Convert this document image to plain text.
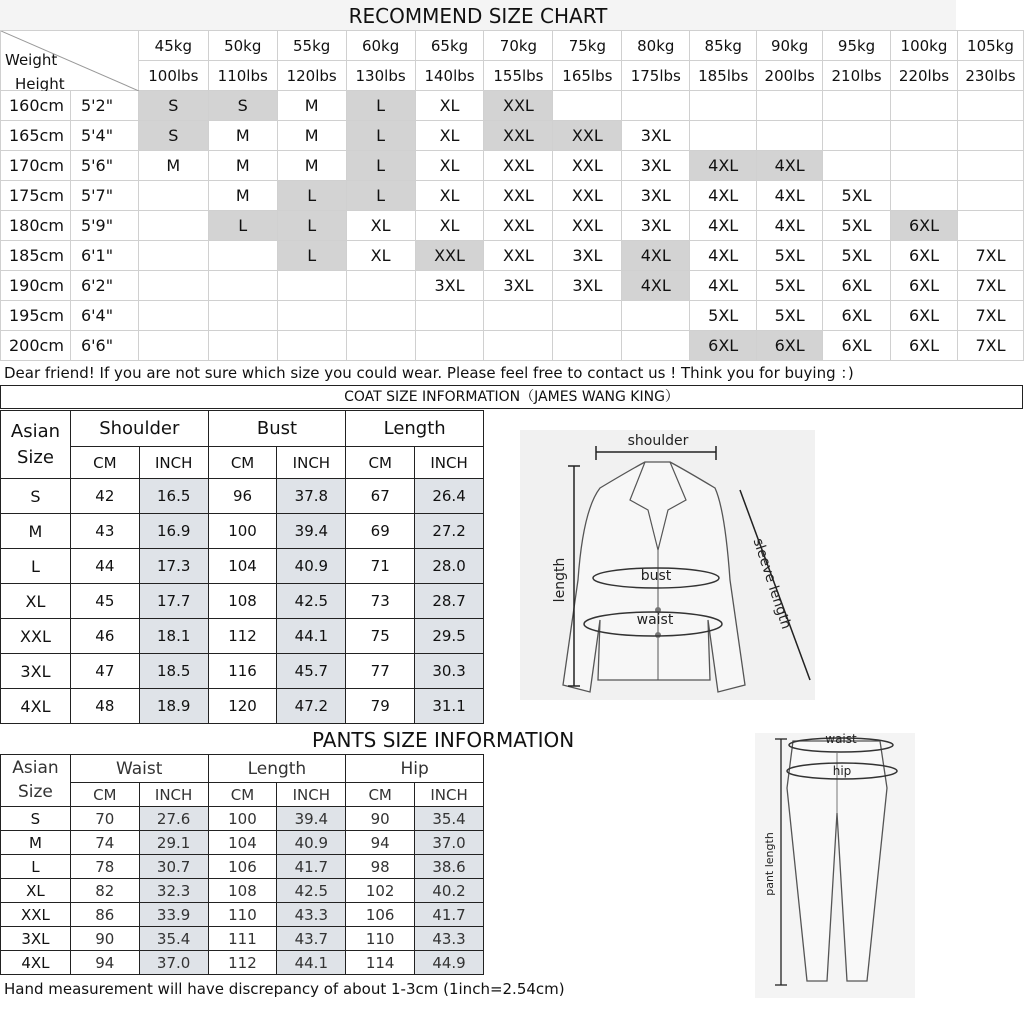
RECOMMEND SIZE CHART
Weight
Height		45kg	50kg	55kg	60kg	65kg	70kg	75kg	80kg	85kg	90kg	95kg	100kg	105kg
		100lbs	110lbs	120lbs	130lbs	140lbs	155lbs	165lbs	175lbs	185lbs	200lbs	210lbs	220lbs	230lbs
160cm	5'2"	S	S	M	L	XL	XXL							
165cm	5'4"	S	M	M	L	XL	XXL	XXL	3XL					
170cm	5'6"	M	M	M	L	XL	XXL	XXL	3XL	4XL	4XL			
175cm	5'7"		M	L	L	XL	XXL	XXL	3XL	4XL	4XL	5XL		
180cm	5'9"		L	L	XL	XL	XXL	XXL	3XL	4XL	4XL	5XL	6XL	
185cm	6'1"			L	XL	XXL	XXL	3XL	4XL	4XL	5XL	5XL	6XL	7XL
190cm	6'2"					3XL	3XL	3XL	4XL	4XL	5XL	6XL	6XL	7XL
195cm	6'4"									5XL	5XL	6XL	6XL	7XL
200cm	6'6"									6XL	6XL	6XL	6XL	7XL
Dear friend! If you are not sure which size you could wear. Please feel free to contact us ! Think you for buying ：)
COAT SIZE INFORMATION（JAMES WANG KING）
Asian
Size	Shoulder		Bust		Length	
	CM	INCH	CM	INCH	CM	INCH
S	42	16.5	96	37.8	67	26.4
M	43	16.9	100	39.4	69	27.2
L	44	17.3	104	40.9	71	28.0
XL	45	17.7	108	42.5	73	28.7
XXL	46	18.1	112	44.1	75	29.5
3XL	47	18.5	116	45.7	77	30.3
4XL	48	18.9	120	47.2	79	31.1
shoulder
length	bust
waist	sleeve length
PANTS SIZE INFORMATION
Asian
Size	Waist		Length		Hip	
	CM	INCH	CM	INCH	CM	INCH
S	70	27.6	100	39.4	90	35.4
M	74	29.1	104	40.9	94	37.0
L	78	30.7	106	41.7	98	38.6
XL	82	32.3	108	42.5	102	40.2
XXL	86	33.9	110	43.3	106	41.7
3XL	90	35.4	111	43.7	110	43.3
4XL	94	37.0	112	44.1	114	44.9
waist
hip
pant length
Hand measurement will have discrepancy of about 1-3cm (1inch=2.54cm)
